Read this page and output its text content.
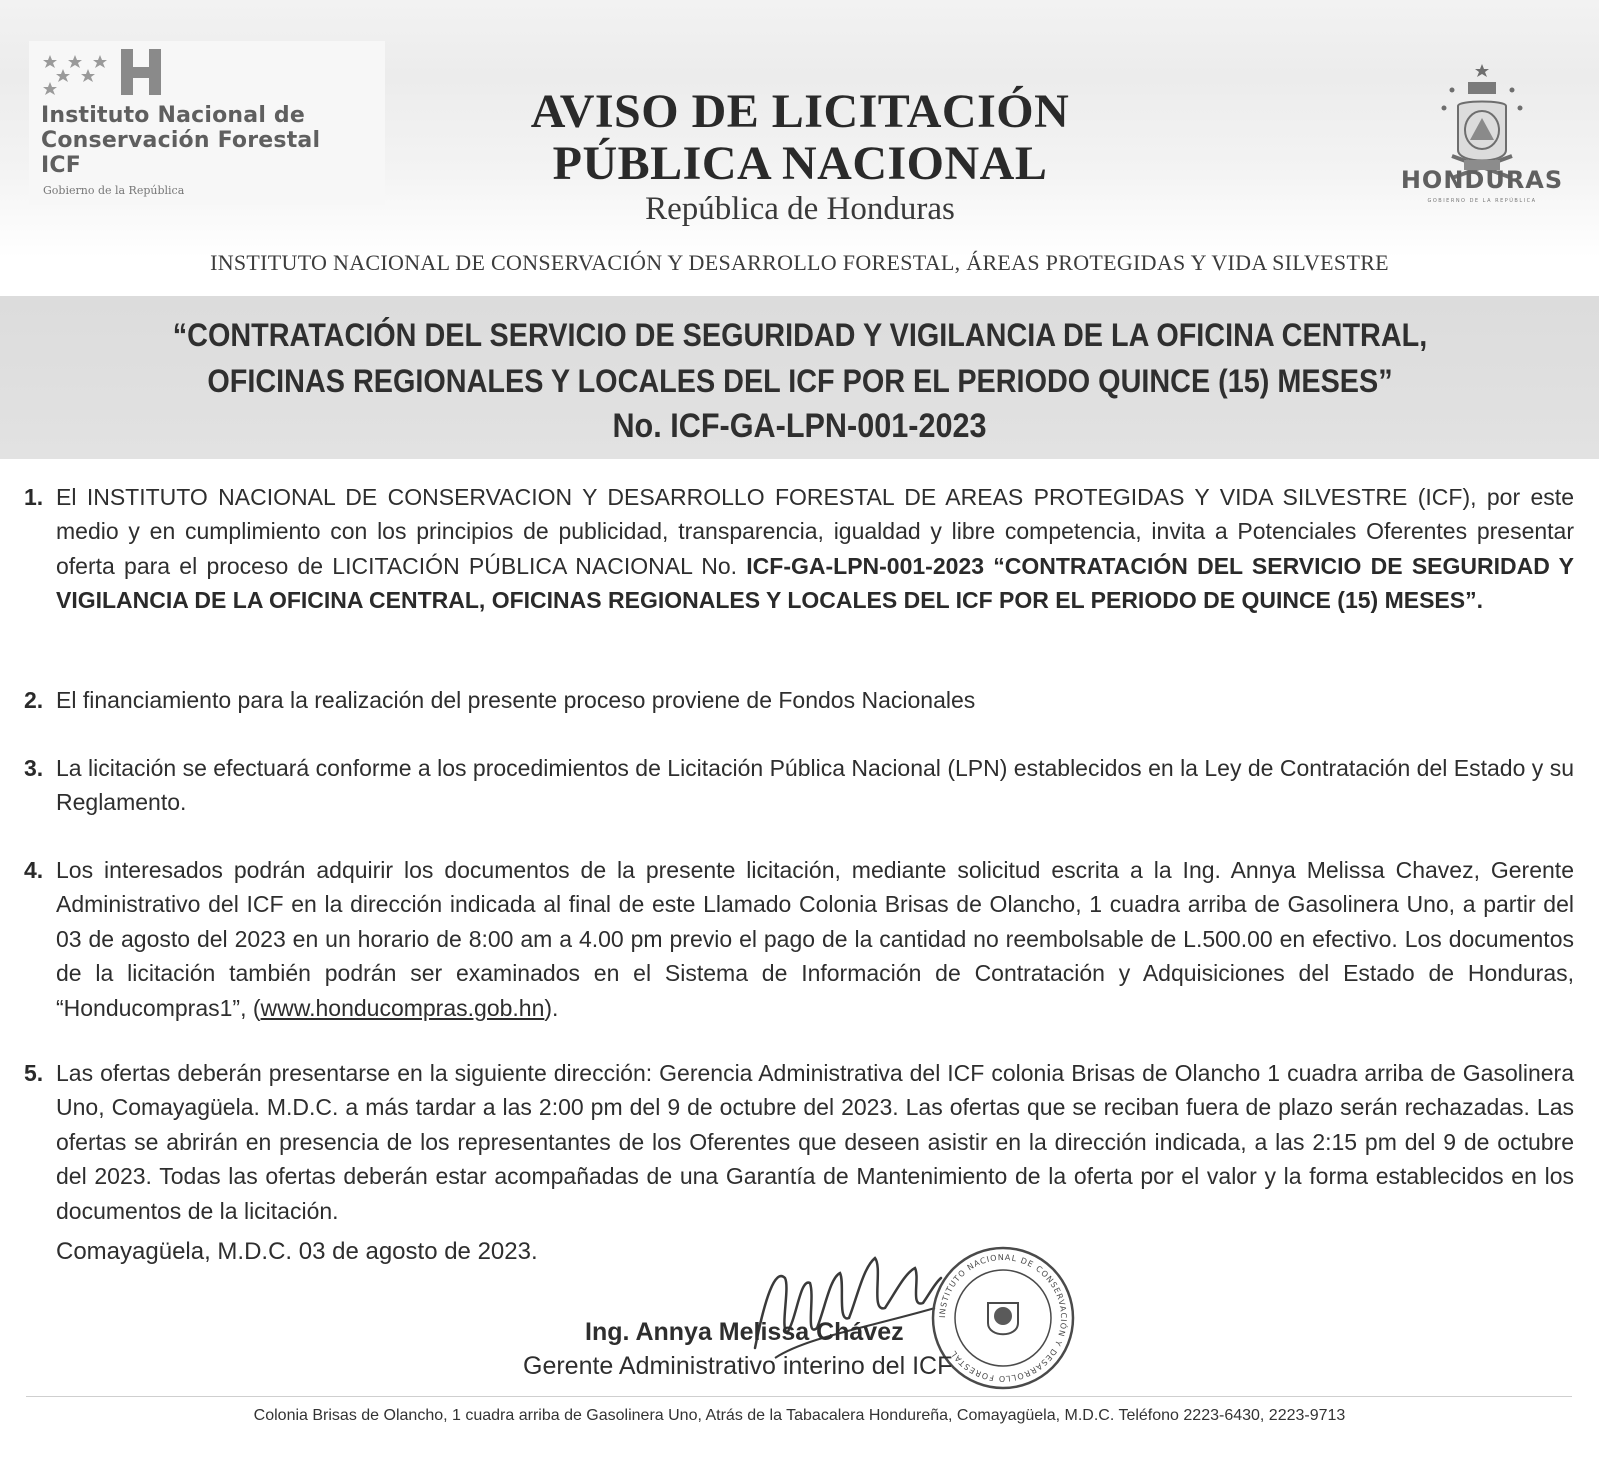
Instituto Nacional de
Conservación Forestal
ICF
Gobierno de la República
AVISO DE LICITACIÓN
PÚBLICA NACIONAL
República de Honduras
HONDURAS
GOBIERNO DE LA REPÚBLICA
INSTITUTO NACIONAL DE CONSERVACIÓN Y DESARROLLO FORESTAL, ÁREAS PROTEGIDAS Y VIDA SILVESTRE
“CONTRATACIÓN DEL SERVICIO DE SEGURIDAD Y VIGILANCIA DE LA OFICINA CENTRAL, OFICINAS REGIONALES Y LOCALES DEL ICF POR EL PERIODO QUINCE (15) MESES”
No. ICF-GA-LPN-001-2023
1. El INSTITUTO NACIONAL DE CONSERVACION Y DESARROLLO FORESTAL DE AREAS PROTEGIDAS Y VIDA SILVESTRE (ICF), por este medio y en cumplimiento con los principios de publicidad, transparencia, igualdad y libre competencia, invita a Potenciales Oferentes presentar oferta para el proceso de LICITACIÓN PÚBLICA NACIONAL No. ICF-GA-LPN-001-2023 “CONTRATACIÓN DEL SERVICIO DE SEGURIDAD Y VIGILANCIA DE LA OFICINA CENTRAL, OFICINAS REGIONALES Y LOCALES DEL ICF POR EL PERIODO DE QUINCE (15) MESES”.

2. El financiamiento para la realización del presente proceso proviene de Fondos Nacionales

3. La licitación se efectuará conforme a los procedimientos de Licitación Pública Nacional (LPN) establecidos en la Ley de Contratación del Estado y su Reglamento.

4. Los interesados podrán adquirir los documentos de la presente licitación, mediante solicitud escrita a la Ing. Annya Melissa Chavez, Gerente Administrativo del ICF en la dirección indicada al final de este Llamado Colonia Brisas de Olancho, 1 cuadra arriba de Gasolinera Uno, a partir del 03 de agosto del 2023 en un horario de 8:00 am a 4.00 pm previo el pago de la cantidad no reembolsable de L.500.00 en efectivo. Los documentos de la licitación también podrán ser examinados en el Sistema de Información de Contratación y Adquisiciones del Estado de Honduras, “Honducompras1”, (www.honducompras.gob.hn).

5. Las ofertas deberán presentarse en la siguiente dirección: Gerencia Administrativa del ICF colonia Brisas de Olancho 1 cuadra arriba de Gasolinera Uno, Comayagüela. M.D.C. a más tardar a las 2:00 pm del 9 de octubre del 2023. Las ofertas que se reciban fuera de plazo serán rechazadas. Las ofertas se abrirán en presencia de los representantes de los Oferentes que deseen asistir en la dirección indicada, a las 2:15 pm del 9 de octubre del 2023. Todas las ofertas deberán estar acompañadas de una Garantía de Mantenimiento de la oferta por el valor y la forma establecidos en los documentos de la licitación.

Comayagüela, M.D.C. 03 de agosto de 2023.
INSTITUTO NACIONAL DE CONSERVACIÓN Y DESARROLLO FORESTAL
Ing. Annya Melissa Chávez
Gerente Administrativo interino del ICF
Colonia Brisas de Olancho, 1 cuadra arriba de Gasolinera Uno, Atrás de la Tabacalera Hondureña, Comayagüela, M.D.C. Teléfono 2223-6430, 2223-9713
